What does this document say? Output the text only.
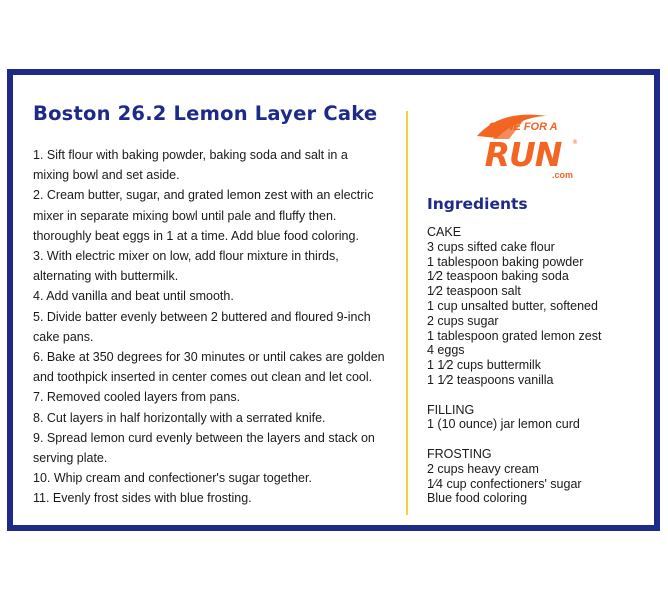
Boston 26.2 Lemon Layer Cake
1. Sift flour with baking powder, baking soda and salt in a
mixing bowl and set aside.
2. Cream butter, sugar, and grated lemon zest with an electric
mixer in separate mixing bowl until pale and fluffy then.
thoroughly beat eggs in 1 at a time. Add blue food coloring.
3. With electric mixer on low, add flour mixture in thirds,
alternating with buttermilk.
4. Add vanilla and beat until smooth.
5. Divide batter evenly between 2 buttered and floured 9-inch
cake pans.
6. Bake at 350 degrees for 30 minutes or until cakes are golden
and toothpick inserted in center comes out clean and let cool.
7. Removed cooled layers from pans.
8. Cut layers in half horizontally with a serrated knife.
9. Spread lemon curd evenly between the layers and stack on
serving plate.
10. Whip cream and confectioner's sugar together.
11. Evenly frost sides with blue frosting.
GONE FOR A
RUN ®
.com
Ingredients
CAKE
3 cups sifted cake flour
1 tablespoon baking powder
1⁄2 teaspoon baking soda
1⁄2 teaspoon salt
1 cup unsalted butter, softened
2 cups sugar
1 tablespoon grated lemon zest
4 eggs
1 1⁄2 cups buttermilk
1 1⁄2 teaspoons vanilla
FILLING
1 (10 ounce) jar lemon curd
FROSTING
2 cups heavy cream
1⁄4 cup confectioners' sugar
Blue food coloring
